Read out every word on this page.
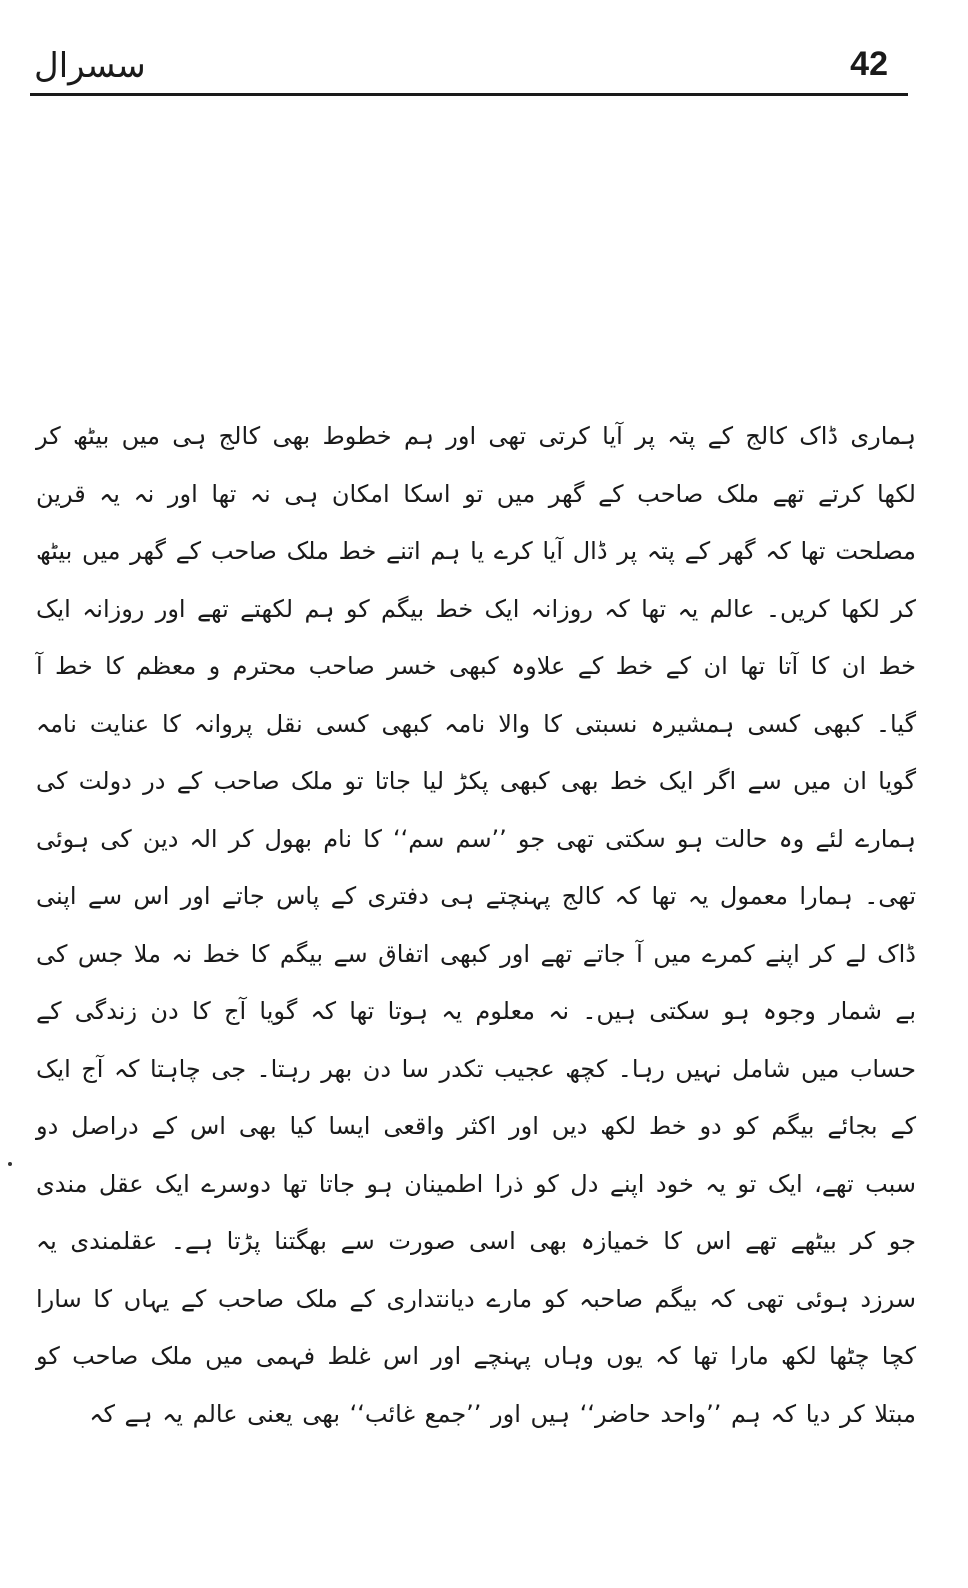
سسرال	42

ہماری ڈاک کالج کے پتہ پر آیا کرتی تھی اور ہم خطوط بھی کالج ہی میں بیٹھ کر لکھا کرتے تھے ملک صاحب کے گھر میں تو اسکا امکان ہی نہ تھا اور نہ یہ قرین مصلحت تھا کہ گھر کے پتہ پر ڈال آیا کرے یا ہم اتنے خط ملک صاحب کے گھر میں بیٹھ کر لکھا کریں۔ عالم یہ تھا کہ روزانہ ایک خط بیگم کو ہم لکھتے تھے اور روزانہ ایک خط ان کا آتا تھا ان کے خط کے علاوہ کبھی خسر صاحب محترم و معظم کا خط آ گیا۔ کبھی کسی ہمشیرہ نسبتی کا والا نامہ کبھی کسی نقل پروانہ کا عنایت نامہ گویا ان میں سے اگر ایک خط بھی کبھی پکڑ لیا جاتا تو ملک صاحب کے در دولت کی ہمارے لئے وہ حالت ہو سکتی تھی جو ’’سم سم‘‘ کا نام بھول کر الہ دین کی ہوئی تھی۔ ہمارا معمول یہ تھا کہ کالج پہنچتے ہی دفتری کے پاس جاتے اور اس سے اپنی ڈاک لے کر اپنے کمرے میں آ جاتے تھے اور کبھی اتفاق سے بیگم کا خط نہ ملا جس کی بے شمار وجوہ ہو سکتی ہیں۔ نہ معلوم یہ ہوتا تھا کہ گویا آج کا دن زندگی کے حساب میں شامل نہیں رہا۔ کچھ عجیب تکدر سا دن بھر رہتا۔ جی چاہتا کہ آج ایک کے بجائے بیگم کو دو خط لکھ دیں اور اکثر واقعی ایسا کیا بھی اس کے دراصل دو سبب تھے، ایک تو یہ خود اپنے دل کو ذرا اطمینان ہو جاتا تھا دوسرے ایک عقل مندی جو کر بیٹھے تھے اس کا خمیازہ بھی اسی صورت سے بھگتنا پڑتا ہے۔ عقلمندی یہ سرزد ہوئی تھی کہ بیگم صاحبہ کو مارے دیانتداری کے ملک صاحب کے یہاں کا سارا کچا چٹھا لکھ مارا تھا کہ یوں وہاں پہنچے اور اس غلط فہمی میں ملک صاحب کو مبتلا کر دیا کہ ہم ’’واحد حاضر‘‘ ہیں اور ’’جمع غائب‘‘ بھی یعنی عالم یہ ہے کہ
